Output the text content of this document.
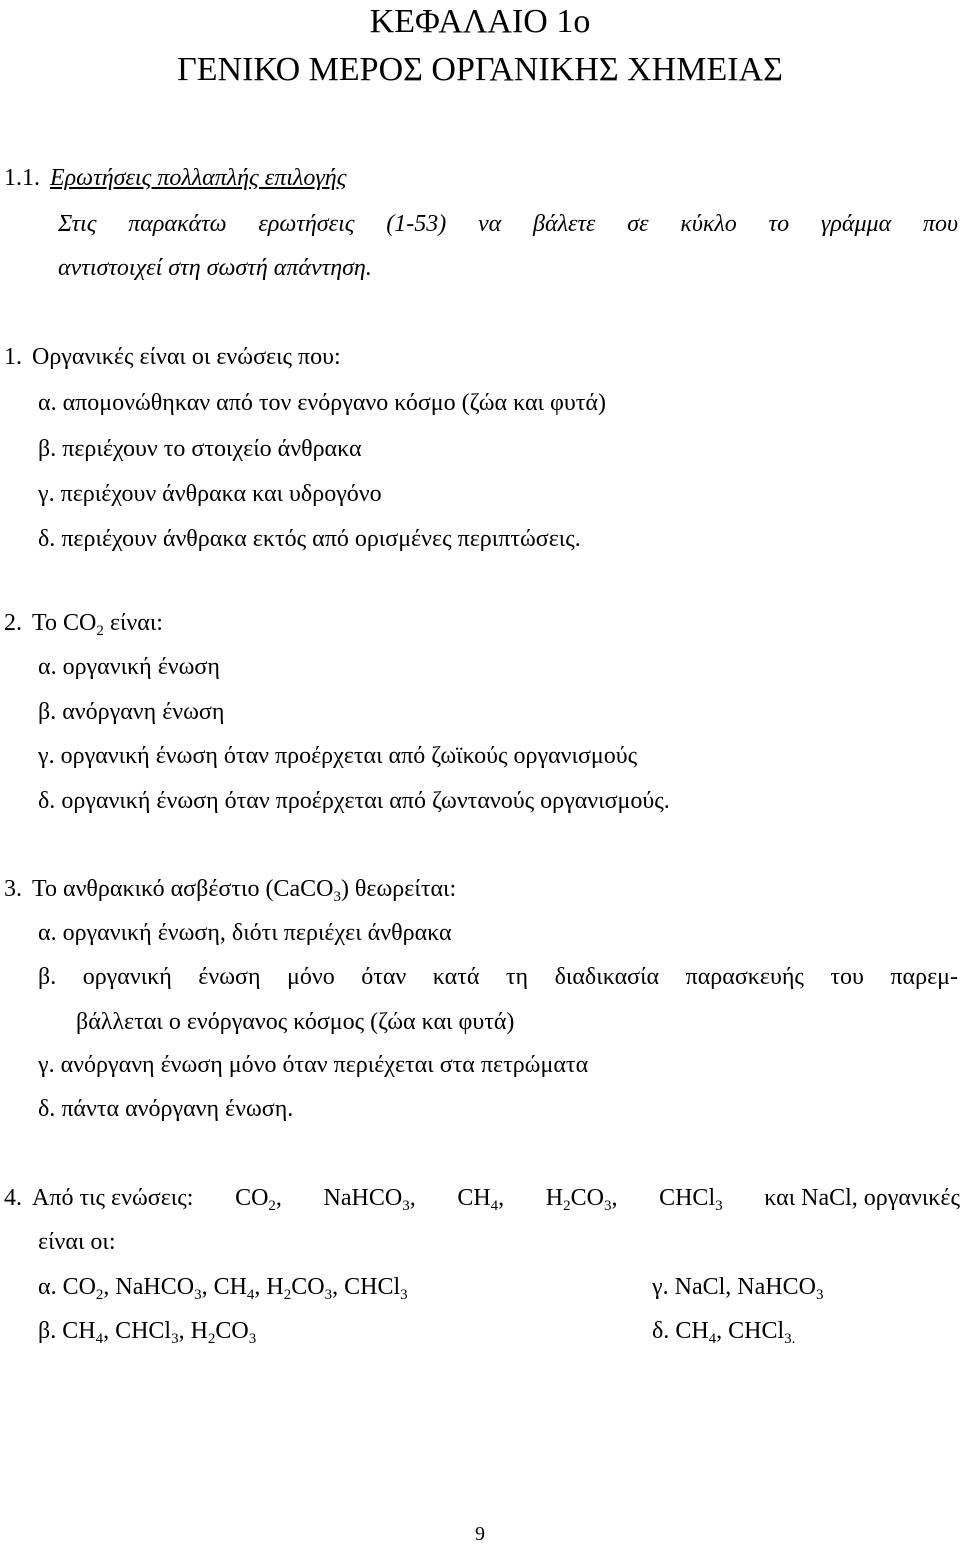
ΚΕΦΑΛΑΙΟ 1ο
ΓΕΝΙΚΟ ΜΕΡΟΣ ΟΡΓΑΝΙΚΗΣ ΧΗΜΕΙΑΣ
1.1. Ερωτήσεις πολλαπλής επιλογής
Στις παρακάτω ερωτήσεις (1-53) να βάλετε σε κύκλο το γράμμα που
αντιστοιχεί στη σωστή απάντηση.
1. Οργανικές είναι οι ενώσεις που:
α. απομονώθηκαν από τον ενόργανο κόσμο (ζώα και φυτά)
β. περιέχουν το στοιχείο άνθρακα
γ. περιέχουν άνθρακα και υδρογόνο
δ. περιέχουν άνθρακα εκτός από ορισμένες περιπτώσεις.
2. Το $CO_2$ είναι:
α. οργανική ένωση
β. ανόργανη ένωση
γ. οργανική ένωση όταν προέρχεται από ζωϊκούς οργανισμούς
δ. οργανική ένωση όταν προέρχεται από ζωντανούς οργανισμούς.
3. Το ανθρακικό ασβέστιο (CaCO$_3$) θεωρείται:
α. οργανική ένωση, διότι περιέχει άνθρακα
β. οργανική ένωση μόνο όταν κατά τη διαδικασία παρασκευής του παρεμ-
βάλλεται ο ενόργανος κόσμος (ζώα και φυτά)
γ. ανόργανη ένωση μόνο όταν περιέχεται στα πετρώματα
δ. πάντα ανόργανη ένωση.
4. Από τις ενώσεις: $CO_2$, NaHCO$_3$, $CH_4$, $H_2CO_3$, CHCl$_3$ και NaCl, οργανικές
είναι οι:
α. $CO_2$, NaHCO$_3$, $CH_4$, $H_2CO_3$, CHCl$_3$	γ. NaCl, NaHCO$_3$
β. $CH_4$, CHCl$_3$, $H_2CO_3$	δ. $CH_4$, CHCl$_{3.}$
9
